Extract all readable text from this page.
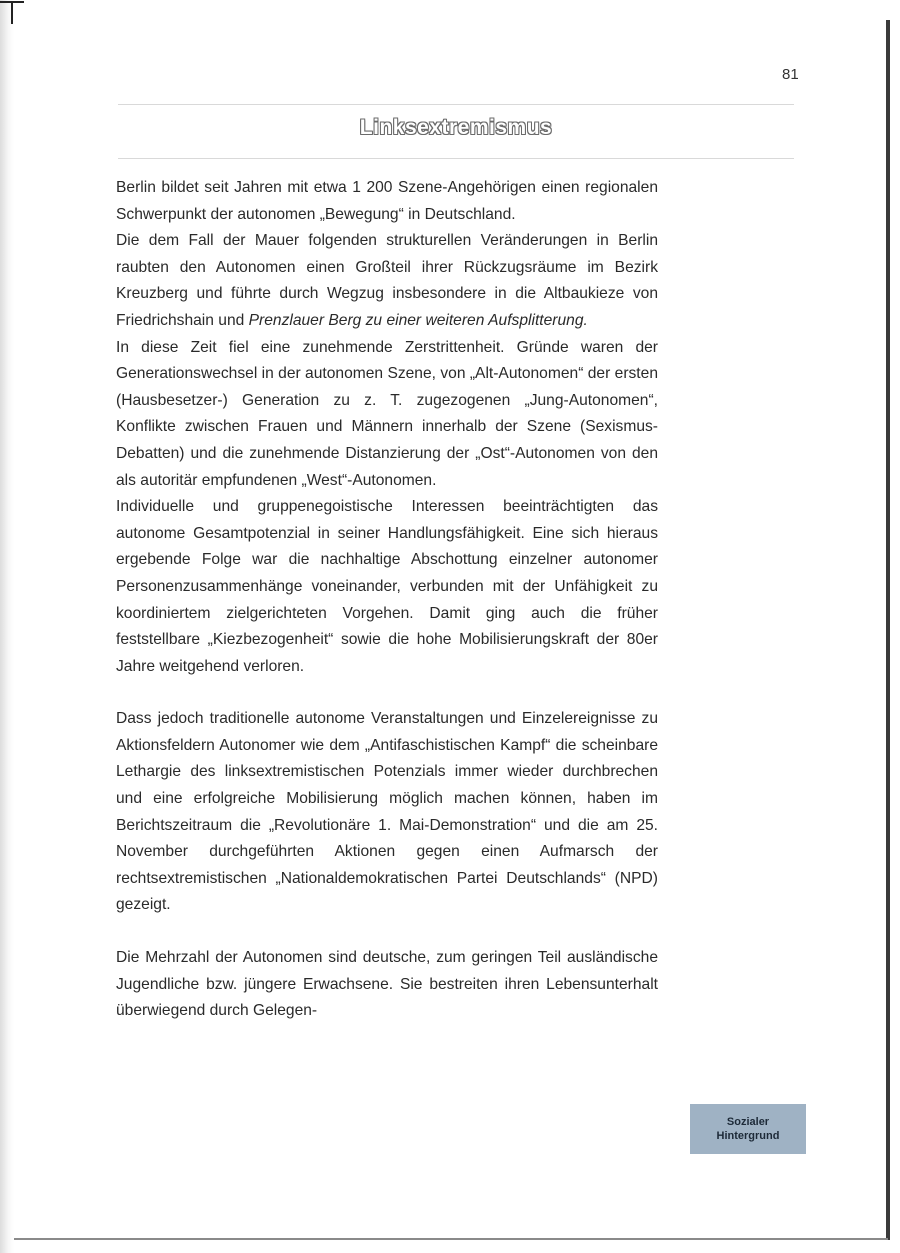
81
Linksextremismus

Berlin bildet seit Jahren mit etwa 1 200 Szene-Angehörigen einen regionalen Schwerpunkt der autonomen „Bewegung“ in Deutschland.

Die dem Fall der Mauer folgenden strukturellen Veränderungen in Berlin raubten den Autonomen einen Großteil ihrer Rückzugsräume im Bezirk Kreuzberg und führte durch Wegzug insbesondere in die Altbaukieze von Friedrichshain und Prenzlauer Berg zu einer weiteren Aufsplitterung.

In diese Zeit fiel eine zunehmende Zerstrittenheit. Gründe waren der Generationswechsel in der autonomen Szene, von „Alt-Autonomen“ der ersten (Hausbesetzer-) Generation zu z. T. zugezogenen „Jung-Autonomen“, Konflikte zwischen Frauen und Männern innerhalb der Szene (Sexismus-Debatten) und die zunehmende Distanzierung der „Ost“-Autonomen von den als autoritär empfundenen „West“-Autonomen.

Individuelle und gruppenegoistische Interessen beeinträchtigten das autonome Gesamtpotenzial in seiner Handlungsfähigkeit. Eine sich hieraus ergebende Folge war die nachhaltige Abschottung einzelner autonomer Personenzusammenhänge voneinander, verbunden mit der Unfähigkeit zu koordiniertem zielgerichteten Vorgehen. Damit ging auch die früher feststellbare „Kiezbezogenheit“ sowie die hohe Mobilisierungskraft der 80er Jahre weitgehend verloren.

Dass jedoch traditionelle autonome Veranstaltungen und Einzelereignisse zu Aktionsfeldern Autonomer wie dem „Antifaschistischen Kampf“ die scheinbare Lethargie des linksextremistischen Potenzials immer wieder durchbrechen und eine erfolgreiche Mobilisierung möglich machen können, haben im Berichtszeitraum die „Revolutionäre 1. Mai-Demonstration“ und die am 25. November durchgeführten Aktionen gegen einen Aufmarsch der rechtsextremistischen „Nationaldemokratischen Partei Deutschlands“ (NPD) gezeigt.

Die Mehrzahl der Autonomen sind deutsche, zum geringen Teil ausländische Jugendliche bzw. jüngere Erwachsene. Sie bestreiten ihren Lebensunterhalt überwiegend durch Gelegen-

Sozialer
Hintergrund
